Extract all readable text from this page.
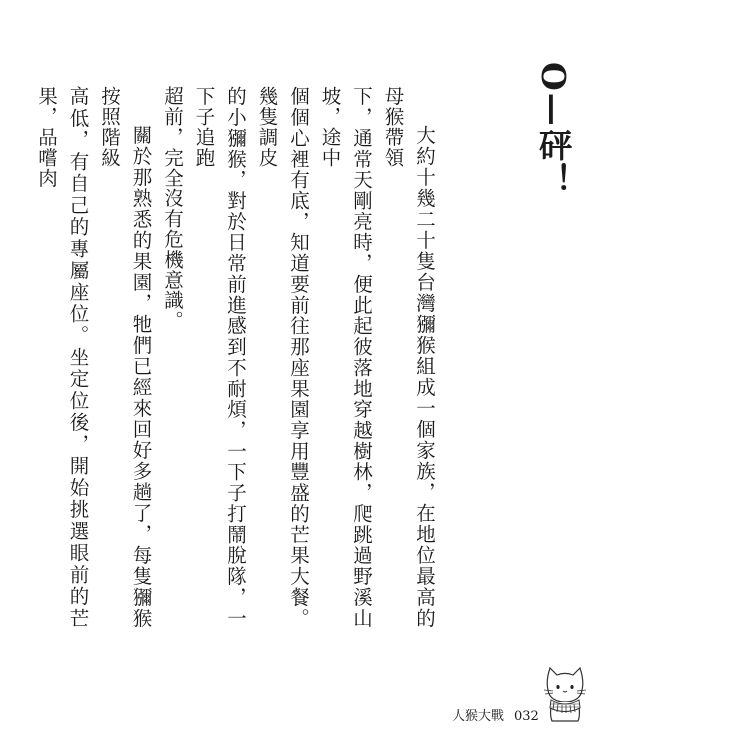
O—砰！

大約十幾二十隻台灣獼猴組成一個家族，在地位最高的母猴帶領
下，通常天剛亮時，便此起彼落地穿越樹林，爬跳過野溪山坡，途中
個個心裡有底，知道要前往那座果園享用豐盛的芒果大餐。幾隻調皮
的小獼猴，對於日常前進感到不耐煩，一下子打鬧脫隊，一下子追跑
超前，完全沒有危機意識。

關於那熟悉的果園，牠們已經來回好多趟了，每隻獼猴按照階級
高低，有自己的專屬座位。坐定位後，開始挑選眼前的芒果，品嚐肉

人猴大戰 032
